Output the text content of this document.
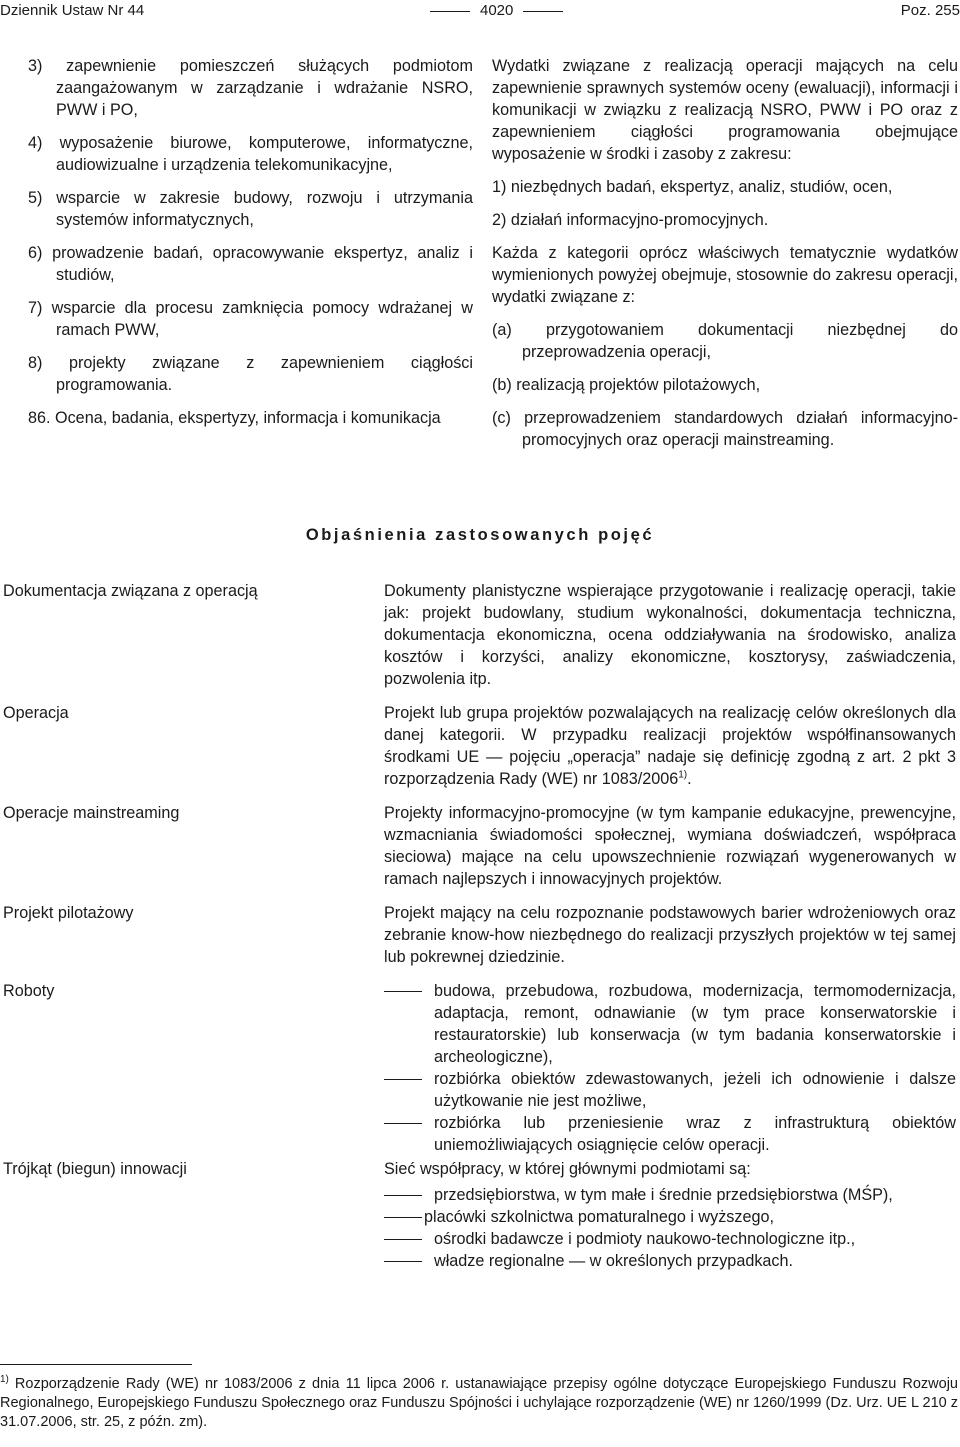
Dziennik Ustaw Nr 44	4020	Poz. 255

3) zapewnienie pomieszczeń służących podmiotom zaangażowanym w zarządzanie i wdrażanie NSRO, PWW i PO,

4) wyposażenie biurowe, komputerowe, informatyczne, audiowizualne i urządzenia telekomunikacyjne,

5) wsparcie w zakresie budowy, rozwoju i utrzymania systemów informatycznych,

6) prowadzenie badań, opracowywanie ekspertyz, analiz i studiów,

7) wsparcie dla procesu zamknięcia pomocy wdrażanej w ramach PWW,

8) projekty związane z zapewnieniem ciągłości programowania.

86. Ocena, badania, ekspertyzy, informacja i komunikacja

Wydatki związane z realizacją operacji mających na celu zapewnienie sprawnych systemów oceny (ewaluacji), informacji i komunikacji w związku z realizacją NSRO, PWW i PO oraz z zapewnieniem ciągłości programowania obejmujące wyposażenie w środki i zasoby z zakresu:

1) niezbędnych badań, ekspertyz, analiz, studiów, ocen,

2) działań informacyjno-promocyjnych.

Każda z kategorii oprócz właściwych tematycznie wydatków wymienionych powyżej obejmuje, stosownie do zakresu operacji, wydatki związane z:

(a) przygotowaniem dokumentacji niezbędnej do przeprowadzenia operacji,

(b) realizacją projektów pilotażowych,

(c) przeprowadzeniem standardowych działań informacyjno-promocyjnych oraz operacji mainstreaming.

Objaśnienia zastosowanych pojęć
Dokumentacja związana z operacją	Dokumenty planistyczne wspierające przygotowanie i realizację operacji, takie jak: projekt budowlany, studium wykonalności, dokumentacja techniczna, dokumentacja ekonomiczna, ocena oddziaływania na środowisko, analiza kosztów i korzyści, analizy ekonomiczne, kosztorysy, zaświadczenia, pozwolenia itp.

Operacja	Projekt lub grupa projektów pozwalających na realizację celów określonych dla danej kategorii. W przypadku realizacji projektów współfinansowanych środkami UE — pojęciu „operacja” nadaje się definicję zgodną z art. 2 pkt 3 rozporządzenia Rady (WE) nr 1083/2006$^{1)}$.

Operacje mainstreaming	Projekty informacyjno-promocyjne (w tym kampanie edukacyjne, prewencyjne, wzmacniania świadomości społecznej, wymiana doświadczeń, współpraca sieciowa) mające na celu upowszechnienie rozwiązań wygenerowanych w ramach najlepszych i innowacyjnych projektów.

Projekt pilotażowy	Projekt mający na celu rozpoznanie podstawowych barier wdrożeniowych oraz zebranie know-how niezbędnego do realizacji przyszłych projektów w tej samej lub pokrewnej dziedzinie.

Roboty	budowa, przebudowa, rozbudowa, modernizacja, termomodernizacja, adaptacja, remont, odnawianie (w tym prace konserwatorskie i restauratorskie) lub konserwacja (w tym badania konserwatorskie i archeologiczne),

rozbiórka obiektów zdewastowanych, jeżeli ich odnowienie i dalsze użytkowanie nie jest możliwe,

rozbiórka lub przeniesienie wraz z infrastrukturą obiektów uniemożliwiających osiągnięcie celów operacji.

Trójkąt (biegun) innowacji	Sieć współpracy, w której głównymi podmiotami są:

przedsiębiorstwa, w tym małe i średnie przedsiębiorstwa (MŚP),

placówki szkolnictwa pomaturalnego i wyższego,

ośrodki badawcze i podmioty naukowo-technologiczne itp.,

władze regionalne — w określonych przypadkach.

$^{1)}$ Rozporządzenie Rady (WE) nr 1083/2006 z dnia 11 lipca 2006 r. ustanawiające przepisy ogólne dotyczące Europejskiego Funduszu Rozwoju Regionalnego, Europejskiego Funduszu Społecznego oraz Funduszu Spójności i uchylające rozporządzenie (WE) nr 1260/1999 (Dz. Urz. UE L 210 z 31.07.2006, str. 25, z późn. zm).
